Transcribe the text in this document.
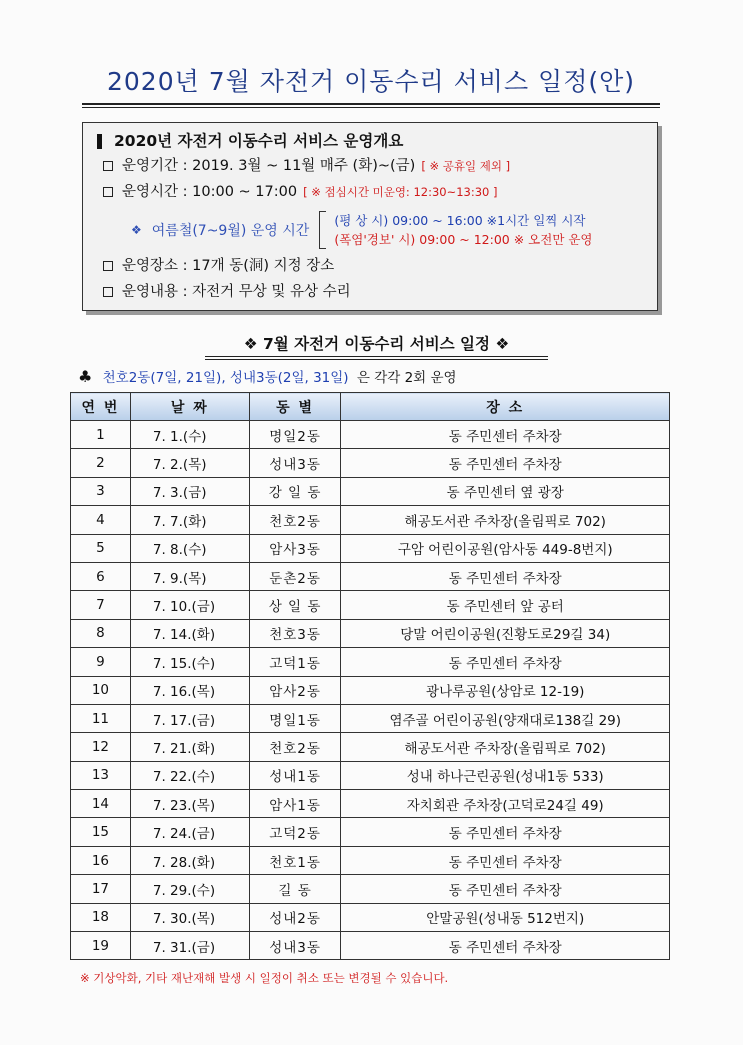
2020년 7월 자전거 이동수리 서비스 일정(안)
2020년 자전거 이동수리 서비스 운영개요
운영기간 : 2019. 3월 ~ 11월 매주 (화)~(금) [ ※ 공휴일 제외 ]
운영시간 : 10:00 ~ 17:00 [ ※ 점심시간 미운영: 12:30~13:30 ]
❖ 여름철(7~9월) 운영 시간
(평 상 시) 09:00 ~ 16:00 ※1시간 일찍 시작
(폭염'경보' 시) 09:00 ~ 12:00 ※ 오전만 운영
운영장소 : 17개 동(洞) 지정 장소
운영내용 : 자전거 무상 및 유상 수리
❖ 7월 자전거 이동수리 서비스 일정 ❖
♣ 천호2동(7일, 21일), 성내3동(2일, 31일) 은 각각 2회 운영
연 번	날 짜	동 별	장 소
1	7. 1.(수)	명일2동	동 주민센터 주차장
2	7. 2.(목)	성내3동	동 주민센터 주차장
3	7. 3.(금)	강 일 동	동 주민센터 옆 광장
4	7. 7.(화)	천호2동	해공도서관 주차장(올림픽로 702)
5	7. 8.(수)	암사3동	구암 어린이공원(암사동 449-8번지)
6	7. 9.(목)	둔촌2동	동 주민센터 주차장
7	7. 10.(금)	상 일 동	동 주민센터 앞 공터
8	7. 14.(화)	천호3동	당말 어린이공원(진황도로29길 34)
9	7. 15.(수)	고덕1동	동 주민센터 주차장
10	7. 16.(목)	암사2동	광나루공원(상암로 12-19)
11	7. 17.(금)	명일1동	염주골 어린이공원(양재대로138길 29)
12	7. 21.(화)	천호2동	해공도서관 주차장(올림픽로 702)
13	7. 22.(수)	성내1동	성내 하나근린공원(성내1동 533)
14	7. 23.(목)	암사1동	자치회관 주차장(고덕로24길 49)
15	7. 24.(금)	고덕2동	동 주민센터 주차장
16	7. 28.(화)	천호1동	동 주민센터 주차장
17	7. 29.(수)	길 동	동 주민센터 주차장
18	7. 30.(목)	성내2동	안말공원(성내동 512번지)
19	7. 31.(금)	성내3동	동 주민센터 주차장
※ 기상악화, 기타 재난재해 발생 시 일정이 취소 또는 변경될 수 있습니다.
